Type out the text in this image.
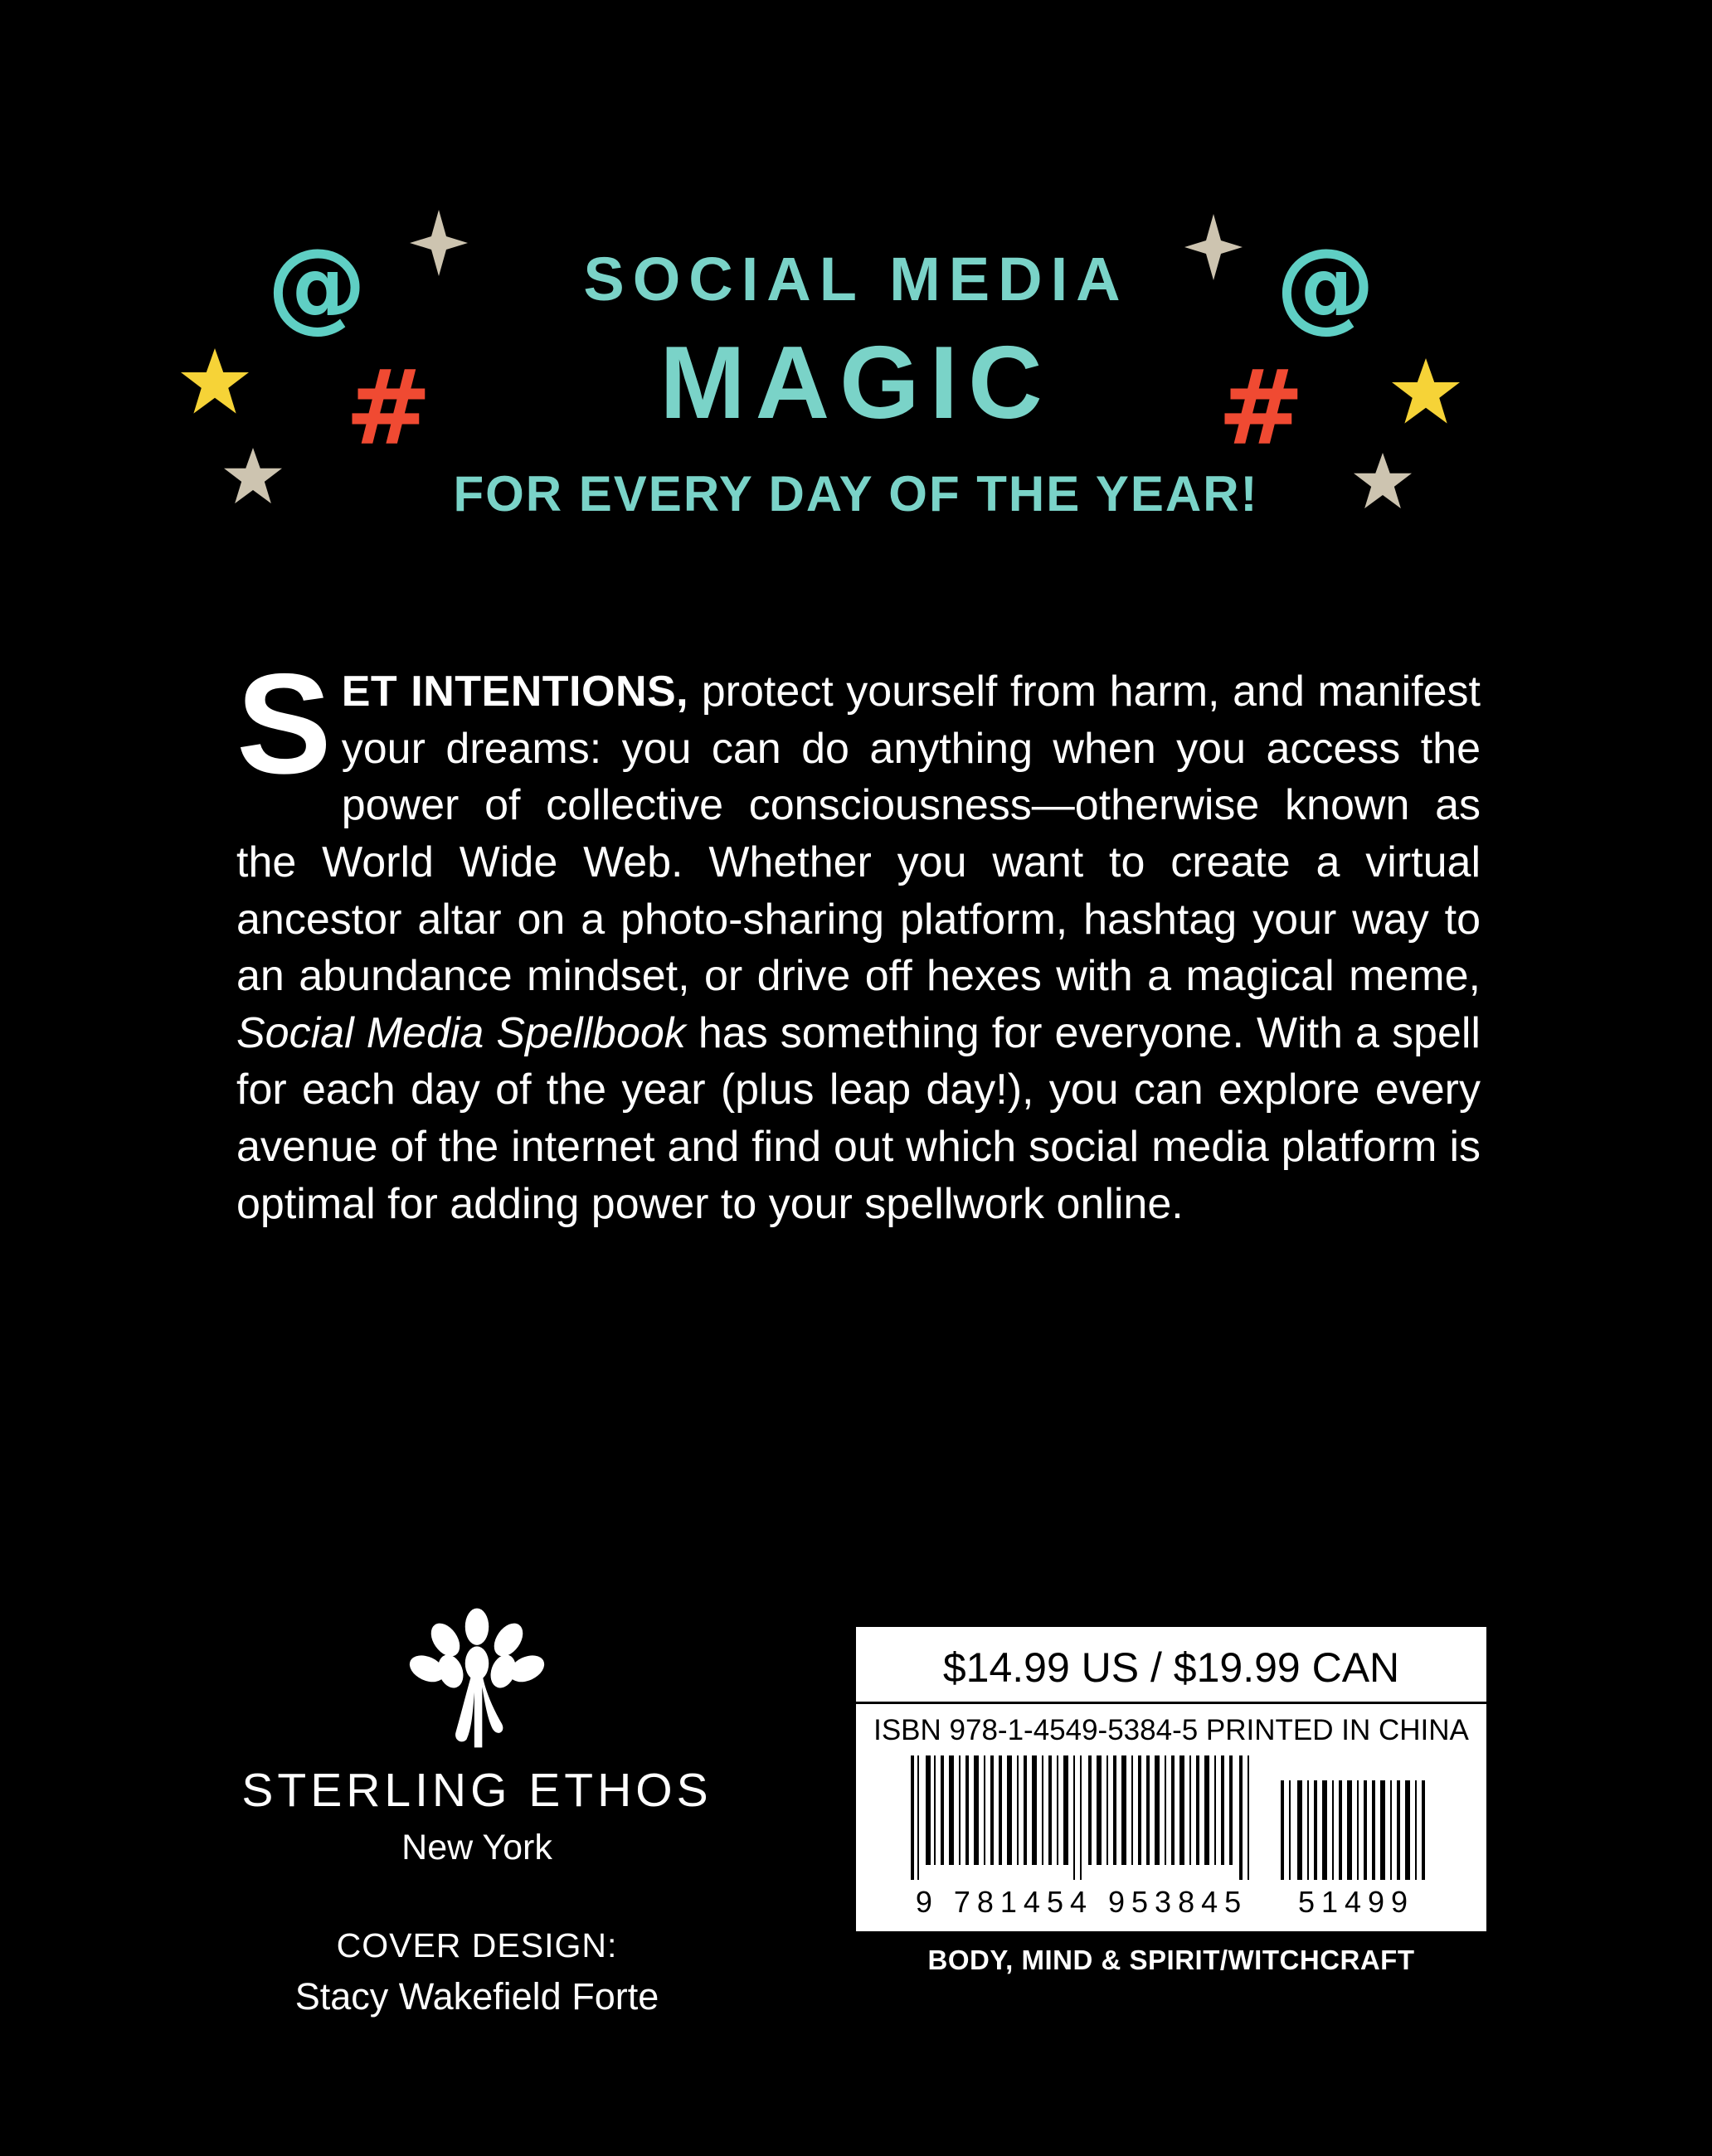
@	@
#	#
SOCIAL MEDIA
MAGIC
FOR EVERY DAY OF THE YEAR!
SET INTENTIONS, protect yourself from harm, and manifest your dreams: you can do anything when you access the power of collective consciousness—otherwise known as the World Wide Web. Whether you want to create a virtual ancestor altar on a photo-sharing platform, hashtag your way to an abundance mindset, or drive off hexes with a magical meme, Social Media Spellbook has something for everyone. With a spell for each day of the year (plus leap day!), you can explore every avenue of the internet and find out which social media platform is optimal for adding power to your spellwork online.
STERLING ETHOS
New York
COVER DESIGN:
Stacy Wakefield Forte
$14.99 US / $19.99 CAN
ISBN 978-1-4549-5384-5 PRINTED IN CHINA
9 781454 953845	51499
BODY, MIND & SPIRIT/WITCHCRAFT
